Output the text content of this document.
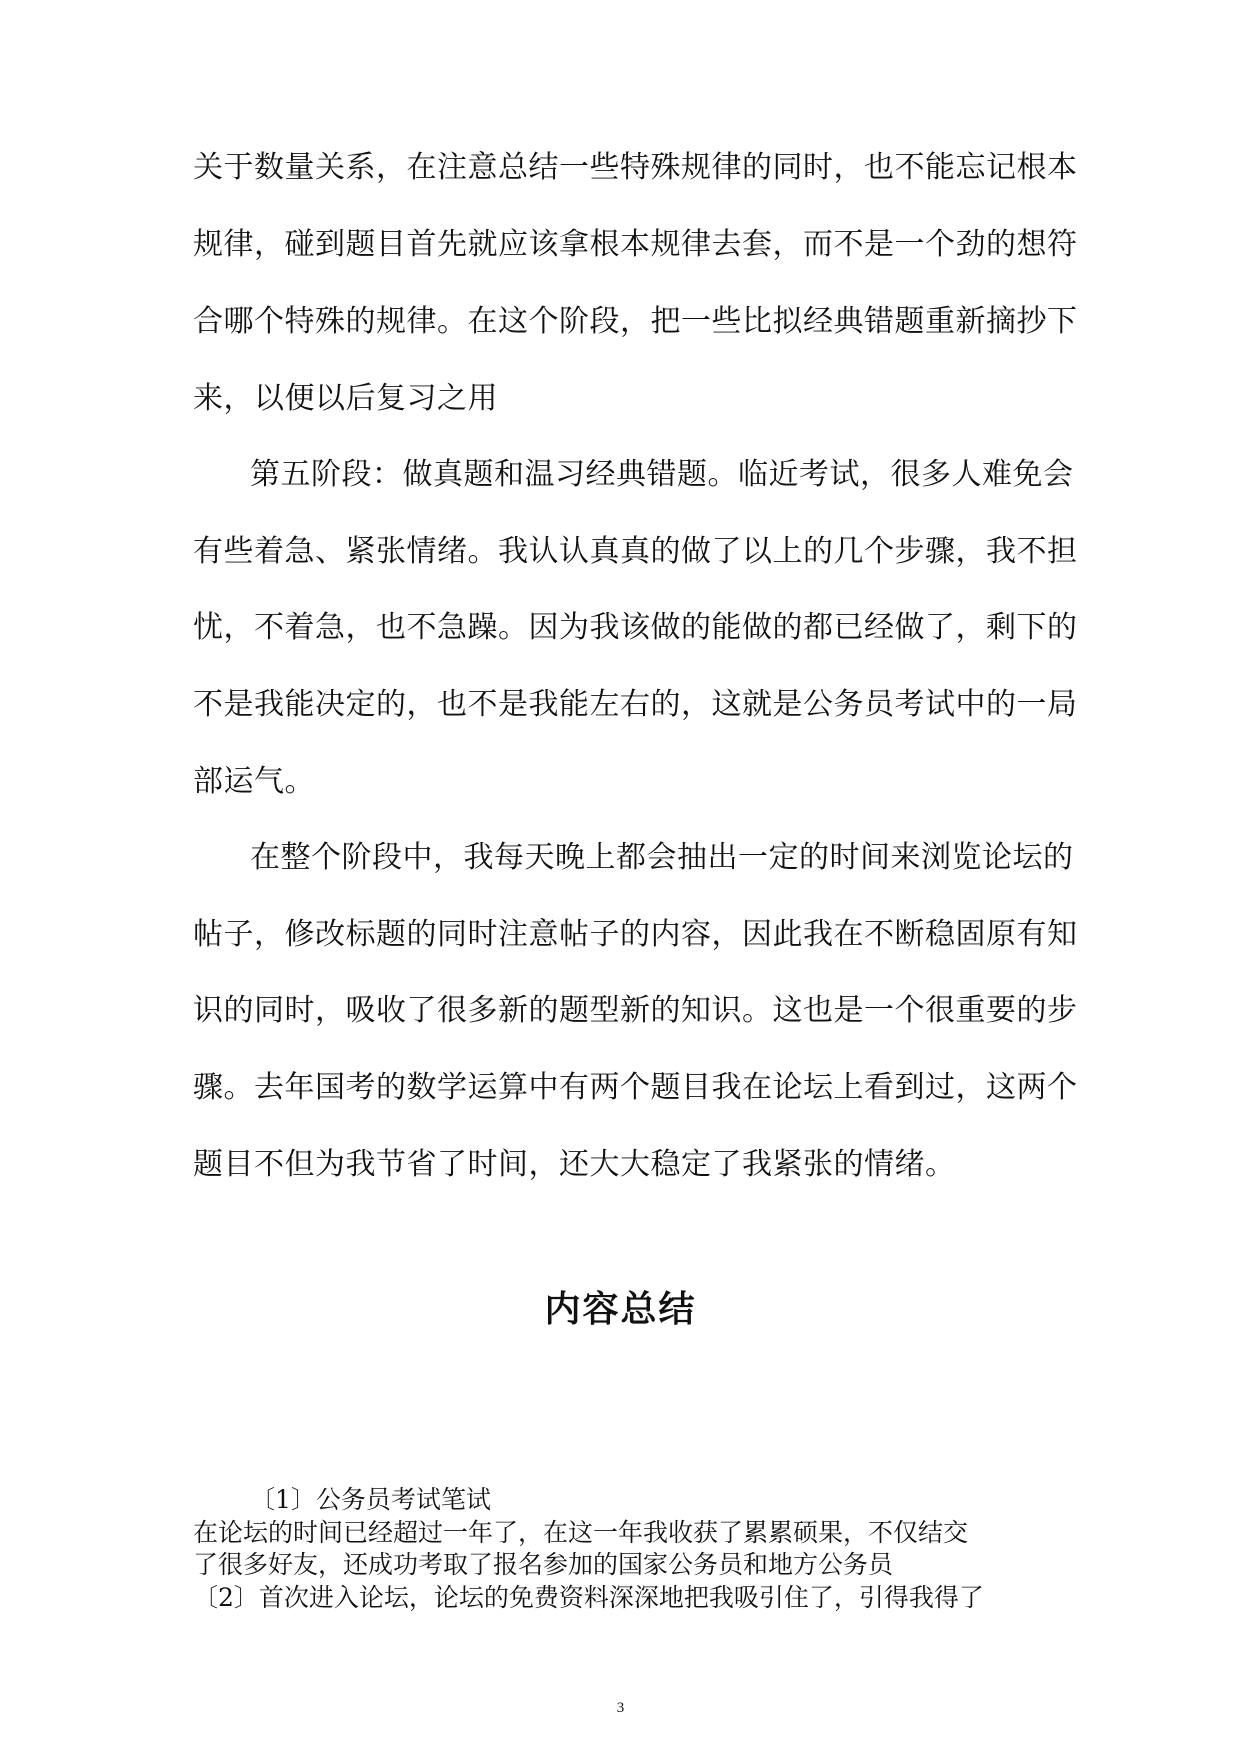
关于数量关系，在注意总结一些特殊规律的同时，也不能忘记根本
规律，碰到题目首先就应该拿根本规律去套，而不是一个劲的想符
合哪个特殊的规律。在这个阶段，把一些比拟经典错题重新摘抄下
来，以便以后复习之用
第五阶段：做真题和温习经典错题。临近考试，很多人难免会
有些着急、紧张情绪。我认认真真的做了以上的几个步骤，我不担
忧，不着急，也不急躁。因为我该做的能做的都已经做了，剩下的
不是我能决定的，也不是我能左右的，这就是公务员考试中的一局
部运气。
在整个阶段中，我每天晚上都会抽出一定的时间来浏览论坛的
帖子，修改标题的同时注意帖子的内容，因此我在不断稳固原有知
识的同时，吸收了很多新的题型新的知识。这也是一个很重要的步
骤。去年国考的数学运算中有两个题目我在论坛上看到过，这两个
题目不但为我节省了时间，还大大稳定了我紧张的情绪。
内容总结
〔1〕公务员考试笔试
在论坛的时间已经超过一年了，在这一年我收获了累累硕果，不仅结交
了很多好友，还成功考取了报名参加的国家公务员和地方公务员
〔2〕首次进入论坛，论坛的免费资料深深地把我吸引住了，引得我得了
3
